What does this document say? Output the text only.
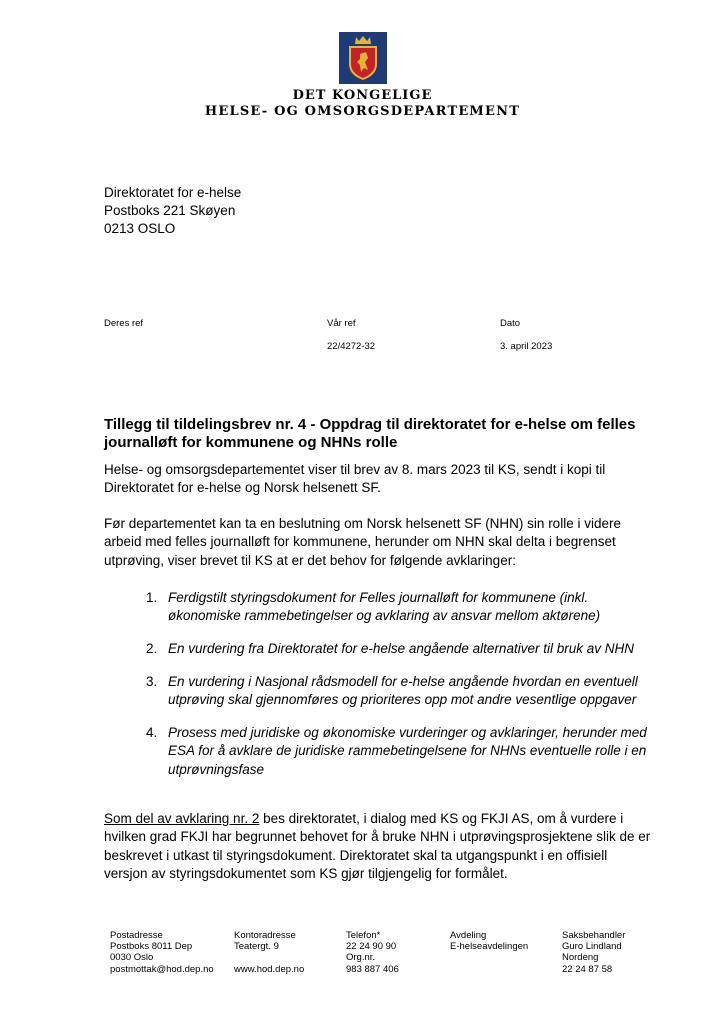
DET KONGELIGE
HELSE- OG OMSORGSDEPARTEMENT
Direktoratet for e-helse
Postboks 221 Skøyen
0213 OSLO
Deres ref	Vår ref
22/4272-32
Dato
3. april 2023
Tillegg til tildelingsbrev nr. 4 - Oppdrag til direktoratet for e-helse om felles journalløft for kommunene og NHNs rolle
Helse- og omsorgsdepartementet viser til brev av 8. mars 2023 til KS, sendt i kopi til Direktoratet for e-helse og Norsk helsenett SF.
Før departementet kan ta en beslutning om Norsk helsenett SF (NHN) sin rolle i videre arbeid med felles journalløft for kommunene, herunder om NHN skal delta i begrenset utprøving, viser brevet til KS at er det behov for følgende avklaringer:
1. Ferdigstilt styringsdokument for Felles journalløft for kommunene (inkl. økonomiske rammebetingelser og avklaring av ansvar mellom aktørene)
2. En vurdering fra Direktoratet for e-helse angående alternativer til bruk av NHN
3. En vurdering i Nasjonal rådsmodell for e-helse angående hvordan en eventuell utprøving skal gjennomføres og prioriteres opp mot andre vesentlige oppgaver
4. Prosess med juridiske og økonomiske vurderinger og avklaringer, herunder med ESA for å avklare de juridiske rammebetingelsene for NHNs eventuelle rolle i en utprøvningsfase
Som del av avklaring nr. 2 bes direktoratet, i dialog med KS og FKJI AS, om å vurdere i hvilken grad FKJI har begrunnet behovet for å bruke NHN i utprøvingsprosjektene slik de er beskrevet i utkast til styringsdokument. Direktoratet skal ta utgangspunkt i en offisiell versjon av styringsdokumentet som KS gjør tilgjengelig for formålet.
Postadresse
Postboks 8011 Dep
0030 Oslo
postmottak@hod.dep.no
Kontoradresse
Teatergt. 9

www.hod.dep.no
Telefon*
22 24 90 90
Org.nr.
983 887 406
Avdeling
E-helseavdelingen
Saksbehandler
Guro Lindland
Nordeng
22 24 87 58
